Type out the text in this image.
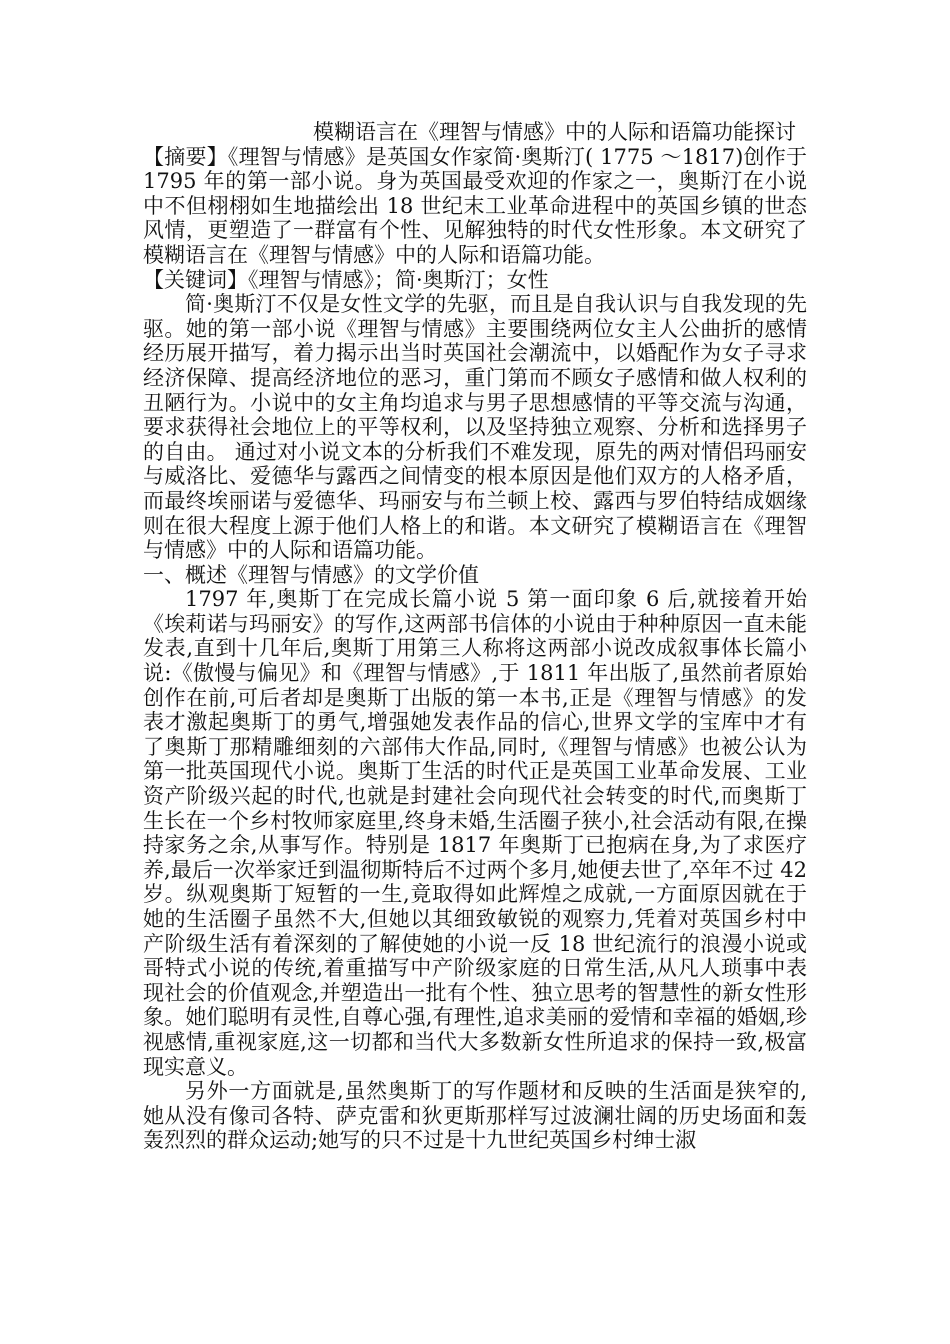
模糊语言在《理智与情感》中的人际和语篇功能探讨

【摘要】《理智与情感》是英国女作家简·奥斯汀( 1775 ～1817)创作于 1795 年的第一部小说。身为英国最受欢迎的作家之一，奥斯汀在小说中不但栩栩如生地描绘出 18 世纪末工业革命进程中的英国乡镇的世态风情，更塑造了一群富有个性、见解独特的时代女性形象。本文研究了模糊语言在《理智与情感》中的人际和语篇功能。

【关键词】《理智与情感》；简·奥斯汀；女性

简·奥斯汀不仅是女性文学的先驱，而且是自我认识与自我发现的先驱。她的第一部小说《理智与情感》主要围绕两位女主人公曲折的感情经历展开描写，着力揭示出当时英国社会潮流中，以婚配作为女子寻求经济保障、提高经济地位的恶习，重门第而不顾女子感情和做人权利的丑陋行为。小说中的女主角均追求与男子思想感情的平等交流与沟通，要求获得社会地位上的平等权利，以及坚持独立观察、分析和选择男子的自由。 通过对小说文本的分析我们不难发现，原先的两对情侣玛丽安与威洛比、爱德华与露西之间情变的根本原因是他们双方的人格矛盾，而最终埃丽诺与爱德华、玛丽安与布兰顿上校、露西与罗伯特结成姻缘则在很大程度上源于他们人格上的和谐。本文研究了模糊语言在《理智与情感》中的人际和语篇功能。

一、概述《理智与情感》的文学价值

1797 年,奥斯丁在完成长篇小说 5 第一面印象 6 后,就接着开始《埃莉诺与玛丽安》的写作,这两部书信体的小说由于种种原因一直未能发表,直到十几年后,奥斯丁用第三人称将这两部小说改成叙事体长篇小说:《傲慢与偏见》和《理智与情感》,于 1811 年出版了,虽然前者原始创作在前,可后者却是奥斯丁出版的第一本书,正是《理智与情感》的发表才激起奥斯丁的勇气,增强她发表作品的信心,世界文学的宝库中才有了奥斯丁那精雕细刻的六部伟大作品,同时,《理智与情感》也被公认为第一批英国现代小说。奥斯丁生活的时代正是英国工业革命发展、工业资产阶级兴起的时代,也就是封建社会向现代社会转变的时代,而奥斯丁生长在一个乡村牧师家庭里,终身未婚,生活圈子狭小,社会活动有限,在操持家务之余,从事写作。特别是 1817 年奥斯丁已抱病在身,为了求医疗养,最后一次举家迁到温彻斯特后不过两个多月,她便去世了,卒年不过 42 岁。纵观奥斯丁短暂的一生,竟取得如此辉煌之成就,一方面原因就在于她的生活圈子虽然不大,但她以其细致敏锐的观察力,凭着对英国乡村中产阶级生活有着深刻的了解使她的小说一反 18 世纪流行的浪漫小说或哥特式小说的传统,着重描写中产阶级家庭的日常生活,从凡人琐事中表现社会的价值观念,并塑造出一批有个性、独立思考的智慧性的新女性形象。她们聪明有灵性,自尊心强,有理性,追求美丽的爱情和幸福的婚姻,珍视感情,重视家庭,这一切都和当代大多数新女性所追求的保持一致,极富现实意义。

另外一方面就是,虽然奥斯丁的写作题材和反映的生活面是狭窄的,她从没有像司各特、萨克雷和狄更斯那样写过波澜壮阔的历史场面和轰轰烈烈的群众运动;她写的只不过是十九世纪英国乡村绅士淑
